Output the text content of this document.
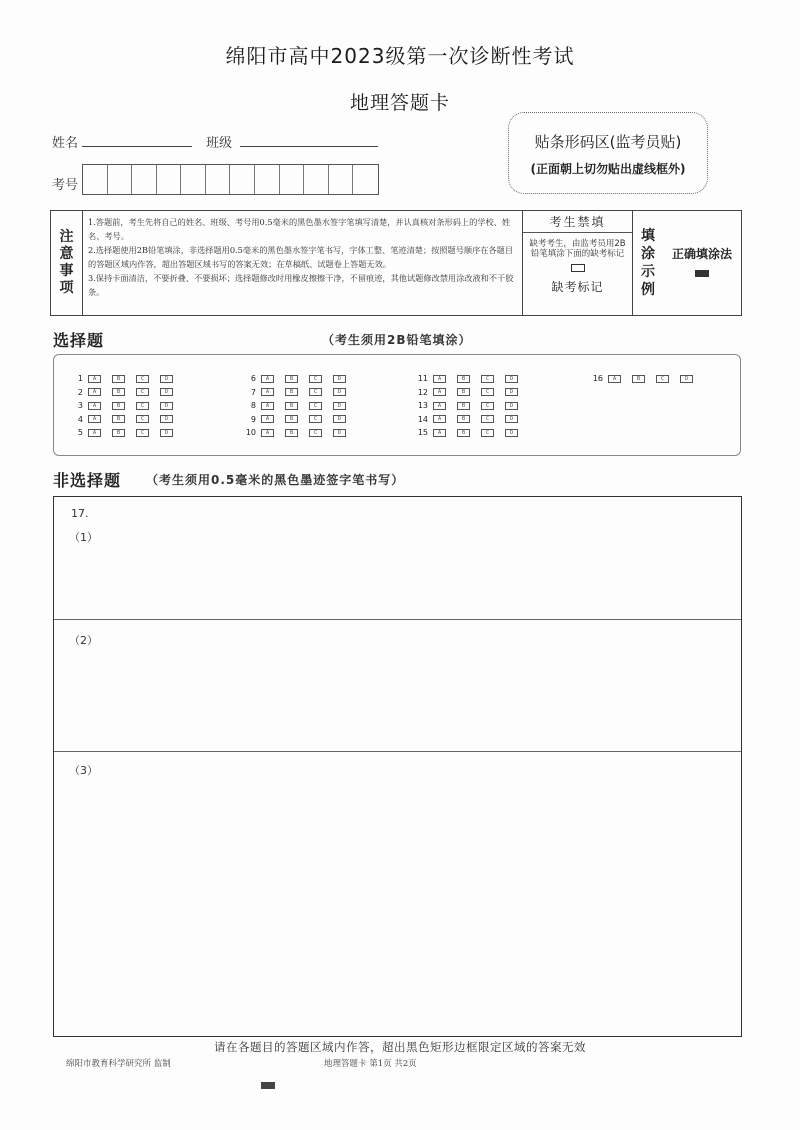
绵阳市高中2023级第一次诊断性考试
地理答题卡
姓名	班级
考号
贴条形码区(监考员贴)
(正面朝上切勿贴出虚线框外)
注
意
事
项
1.答题前，考生先将自己的姓名、班级、考号用0.5毫米的黑色墨水签字笔填写清楚，并认真核对条形码上的学校、姓名、考号。
2.选择题使用2B铅笔填涂，非选择题用0.5毫米的黑色墨水签字笔书写，字体工整、笔迹清楚；按照题号顺序在各题目的答题区域内作答，超出答题区域书写的答案无效；在草稿纸、试题卷上答题无效。
3.保持卡面清洁，不要折叠、不要损坏；选择题修改时用橡皮擦擦干净，不留痕迹，其他试题修改禁用涂改液和不干胶条。
考生禁填
缺考考生，由监考员用2B铅笔填涂下面的缺考标记
缺考标记
填
涂
示
例
正确填涂法
选择题	（考生须用2B铅笔填涂）
1	A	B	C	D
2	A	B	C	D
3	A	B	C	D
4	A	B	C	D
5	A	B	C	D
6	A	B	C	D
7	A	B	C	D
8	A	B	C	D
9	A	B	C	D
10	A	B	C	D
11	A	B	C	D
12	A	B	C	D
13	A	B	C	D
14	A	B	C	D
15	A	B	C	D
16	A	B	C	D
非选择题 （考生须用0.5毫米的黑色墨迹签字笔书写）
17.
（1）
（2）
（3）
请在各题目的答题区域内作答，超出黑色矩形边框限定区域的答案无效
绵阳市教育科学研究所 监制	地理答题卡 第1页 共2页
